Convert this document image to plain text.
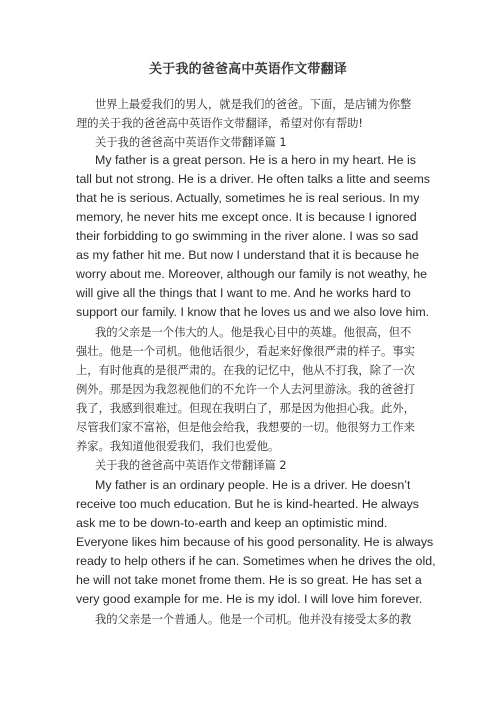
关于我的爸爸高中英语作文带翻译
世界上最爱我们的男人，就是我们的爸爸。下面，是店铺为你整
理的关于我的爸爸高中英语作文带翻译，希望对你有帮助!
关于我的爸爸高中英语作文带翻译篇 1
My father is a great person. He is a hero in my heart. He is
tall but not strong. He is a driver. He often talks a litte and seems
that he is serious. Actually, sometimes he is real serious. In my
memory, he never hits me except once. It is because I ignored
their forbidding to go swimming in the river alone. I was so sad
as my father hit me. But now I understand that it is because he
worry about me. Moreover, although our family is not weathy, he
will give all the things that I want to me. And he works hard to
support our family. I know that he loves us and we also love him.
我的父亲是一个伟大的人。他是我心目中的英雄。他很高，但不
强壮。他是一个司机。他他话很少，看起来好像很严肃的样子。事实
上，有时他真的是很严肃的。在我的记忆中，他从不打我，除了一次
例外。那是因为我忽视他们的不允许一个人去河里游泳。我的爸爸打
我了，我感到很难过。但现在我明白了，那是因为他担心我。此外，
尽管我们家不富裕，但是他会给我，我想要的一切。他很努力工作来
养家。我知道他很爱我们，我们也爱他。
关于我的爸爸高中英语作文带翻译篇 2
My father is an ordinary people. He is a driver. He doesn’t
receive too much education. But he is kind-hearted. He always
ask me to be down-to-earth and keep an optimistic mind.
Everyone likes him because of his good personality. He is always
ready to help others if he can. Sometimes when he drives the old,
he will not take monet frome them. He is so great. He has set a
very good example for me. He is my idol. I will love him forever.
我的父亲是一个普通人。他是一个司机。他并没有接受太多的教
